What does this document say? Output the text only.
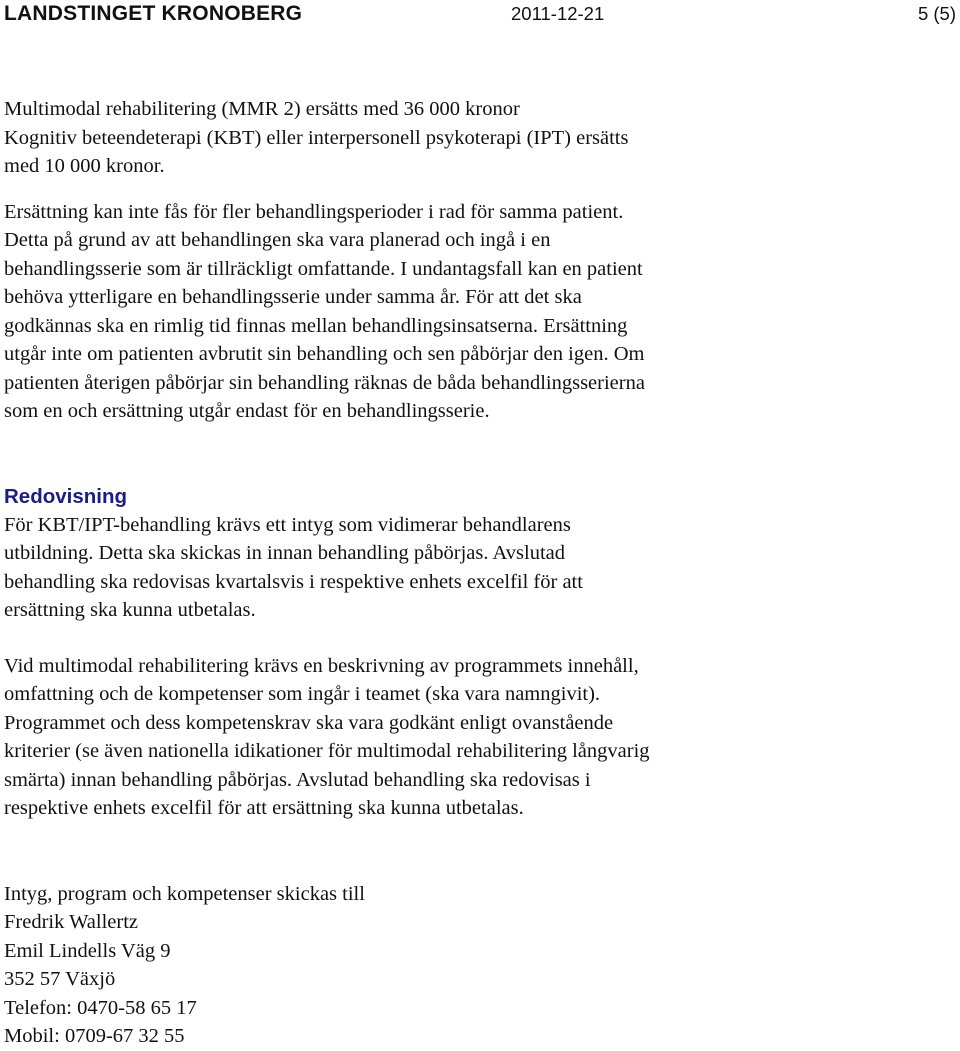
LANDSTINGET KRONOBERG	2011-12-21	5 (5)

Multimodal rehabilitering (MMR 2) ersätts med 36 000 kronor
Kognitiv beteendeterapi (KBT) eller interpersonell psykoterapi (IPT) ersätts
med 10 000 kronor.

Ersättning kan inte fås för fler behandlingsperioder i rad för samma patient.
Detta på grund av att behandlingen ska vara planerad och ingå i en
behandlingsserie som är tillräckligt omfattande. I undantagsfall kan en patient
behöva ytterligare en behandlingsserie under samma år. För att det ska
godkännas ska en rimlig tid finnas mellan behandlingsinsatserna. Ersättning
utgår inte om patienten avbrutit sin behandling och sen påbörjar den igen. Om
patienten återigen påbörjar sin behandling räknas de båda behandlingsserierna
som en och ersättning utgår endast för en behandlingsserie.

Redovisning

För KBT/IPT-behandling krävs ett intyg som vidimerar behandlarens
utbildning. Detta ska skickas in innan behandling påbörjas. Avslutad
behandling ska redovisas kvartalsvis i respektive enhets excelfil för att
ersättning ska kunna utbetalas.

Vid multimodal rehabilitering krävs en beskrivning av programmets innehåll,
omfattning och de kompetenser som ingår i teamet (ska vara namngivit).
Programmet och dess kompetenskrav ska vara godkänt enligt ovanstående
kriterier (se även nationella idikationer för multimodal rehabilitering långvarig
smärta) innan behandling påbörjas. Avslutad behandling ska redovisas i
respektive enhets excelfil för att ersättning ska kunna utbetalas.

Intyg, program och kompetenser skickas till
Fredrik Wallertz
Emil Lindells Väg 9
352 57 Växjö
Telefon: 0470-58 65 17
Mobil: 0709-67 32 55
